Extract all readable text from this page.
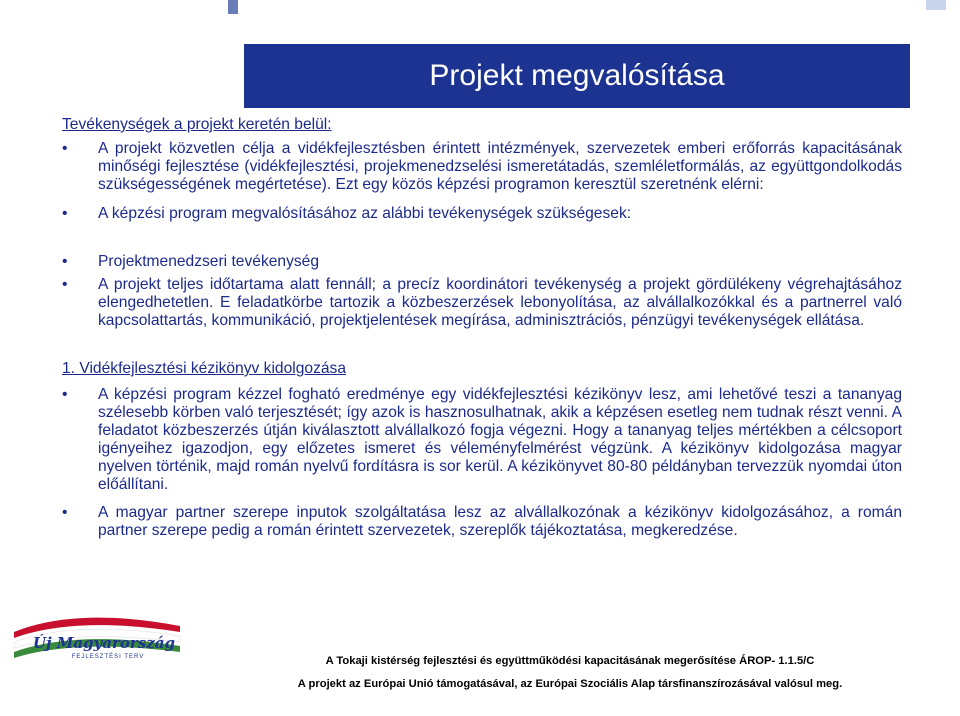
Projekt megvalósítása

Tevékenységek a projekt keretén belül:

• A projekt közvetlen célja a vidékfejlesztésben érintett intézmények, szervezetek emberi erőforrás kapacitásának minőségi fejlesztése (vidékfejlesztési, projekmenedzselési ismeretátadás, szemléletformálás, az együttgondolkodás szükségességének megértetése). Ezt egy közös képzési programon keresztül szeretnénk elérni:

• A képzési program megvalósításához az alábbi tevékenységek szükségesek:

• Projektmenedzseri tevékenység

• A projekt teljes időtartama alatt fennáll; a precíz koordinátori tevékenység a projekt gördülékeny végrehajtásához elengedhetetlen. E feladatkörbe tartozik a közbeszerzések lebonyolítása, az alvállalkozókkal és a partnerrel való kapcsolattartás, kommunikáció, projektjelentések megírása, adminisztrációs, pénzügyi tevékenységek ellátása.

1. Vidékfejlesztési kézikönyv kidolgozása

• A képzési program kézzel fogható eredménye egy vidékfejlesztési kézikönyv lesz, ami lehetővé teszi a tananyag szélesebb körben való terjesztését; így azok is hasznosulhatnak, akik a képzésen esetleg nem tudnak részt venni. A feladatot közbeszerzés útján kiválasztott alvállalkozó fogja végezni. Hogy a tananyag teljes mértékben a célcsoport igényeihez igazodjon, egy előzetes ismeret és véleményfelmérést végzünk. A kézikönyv kidolgozása magyar nyelven történik, majd román nyelvű fordításra is sor kerül. A kézikönyvet 80-80 példányban tervezzük nyomdai úton előállítani.

• A magyar partner szerepe inputok szolgáltatása lesz az alvállalkozónak a kézikönyv kidolgozásához, a román partner szerepe pedig a román érintett szervezetek, szereplők tájékoztatása, megkeredzése.

Új Magyarország
FEJLESZTÉSI TERV	A Tokaji kistérség fejlesztési és együttműködési kapacitásának megerősítése ÁROP- 1.1.5/C
A projekt az Európai Unió támogatásával, az Európai Szociális Alap társfinanszírozásával valósul meg.
